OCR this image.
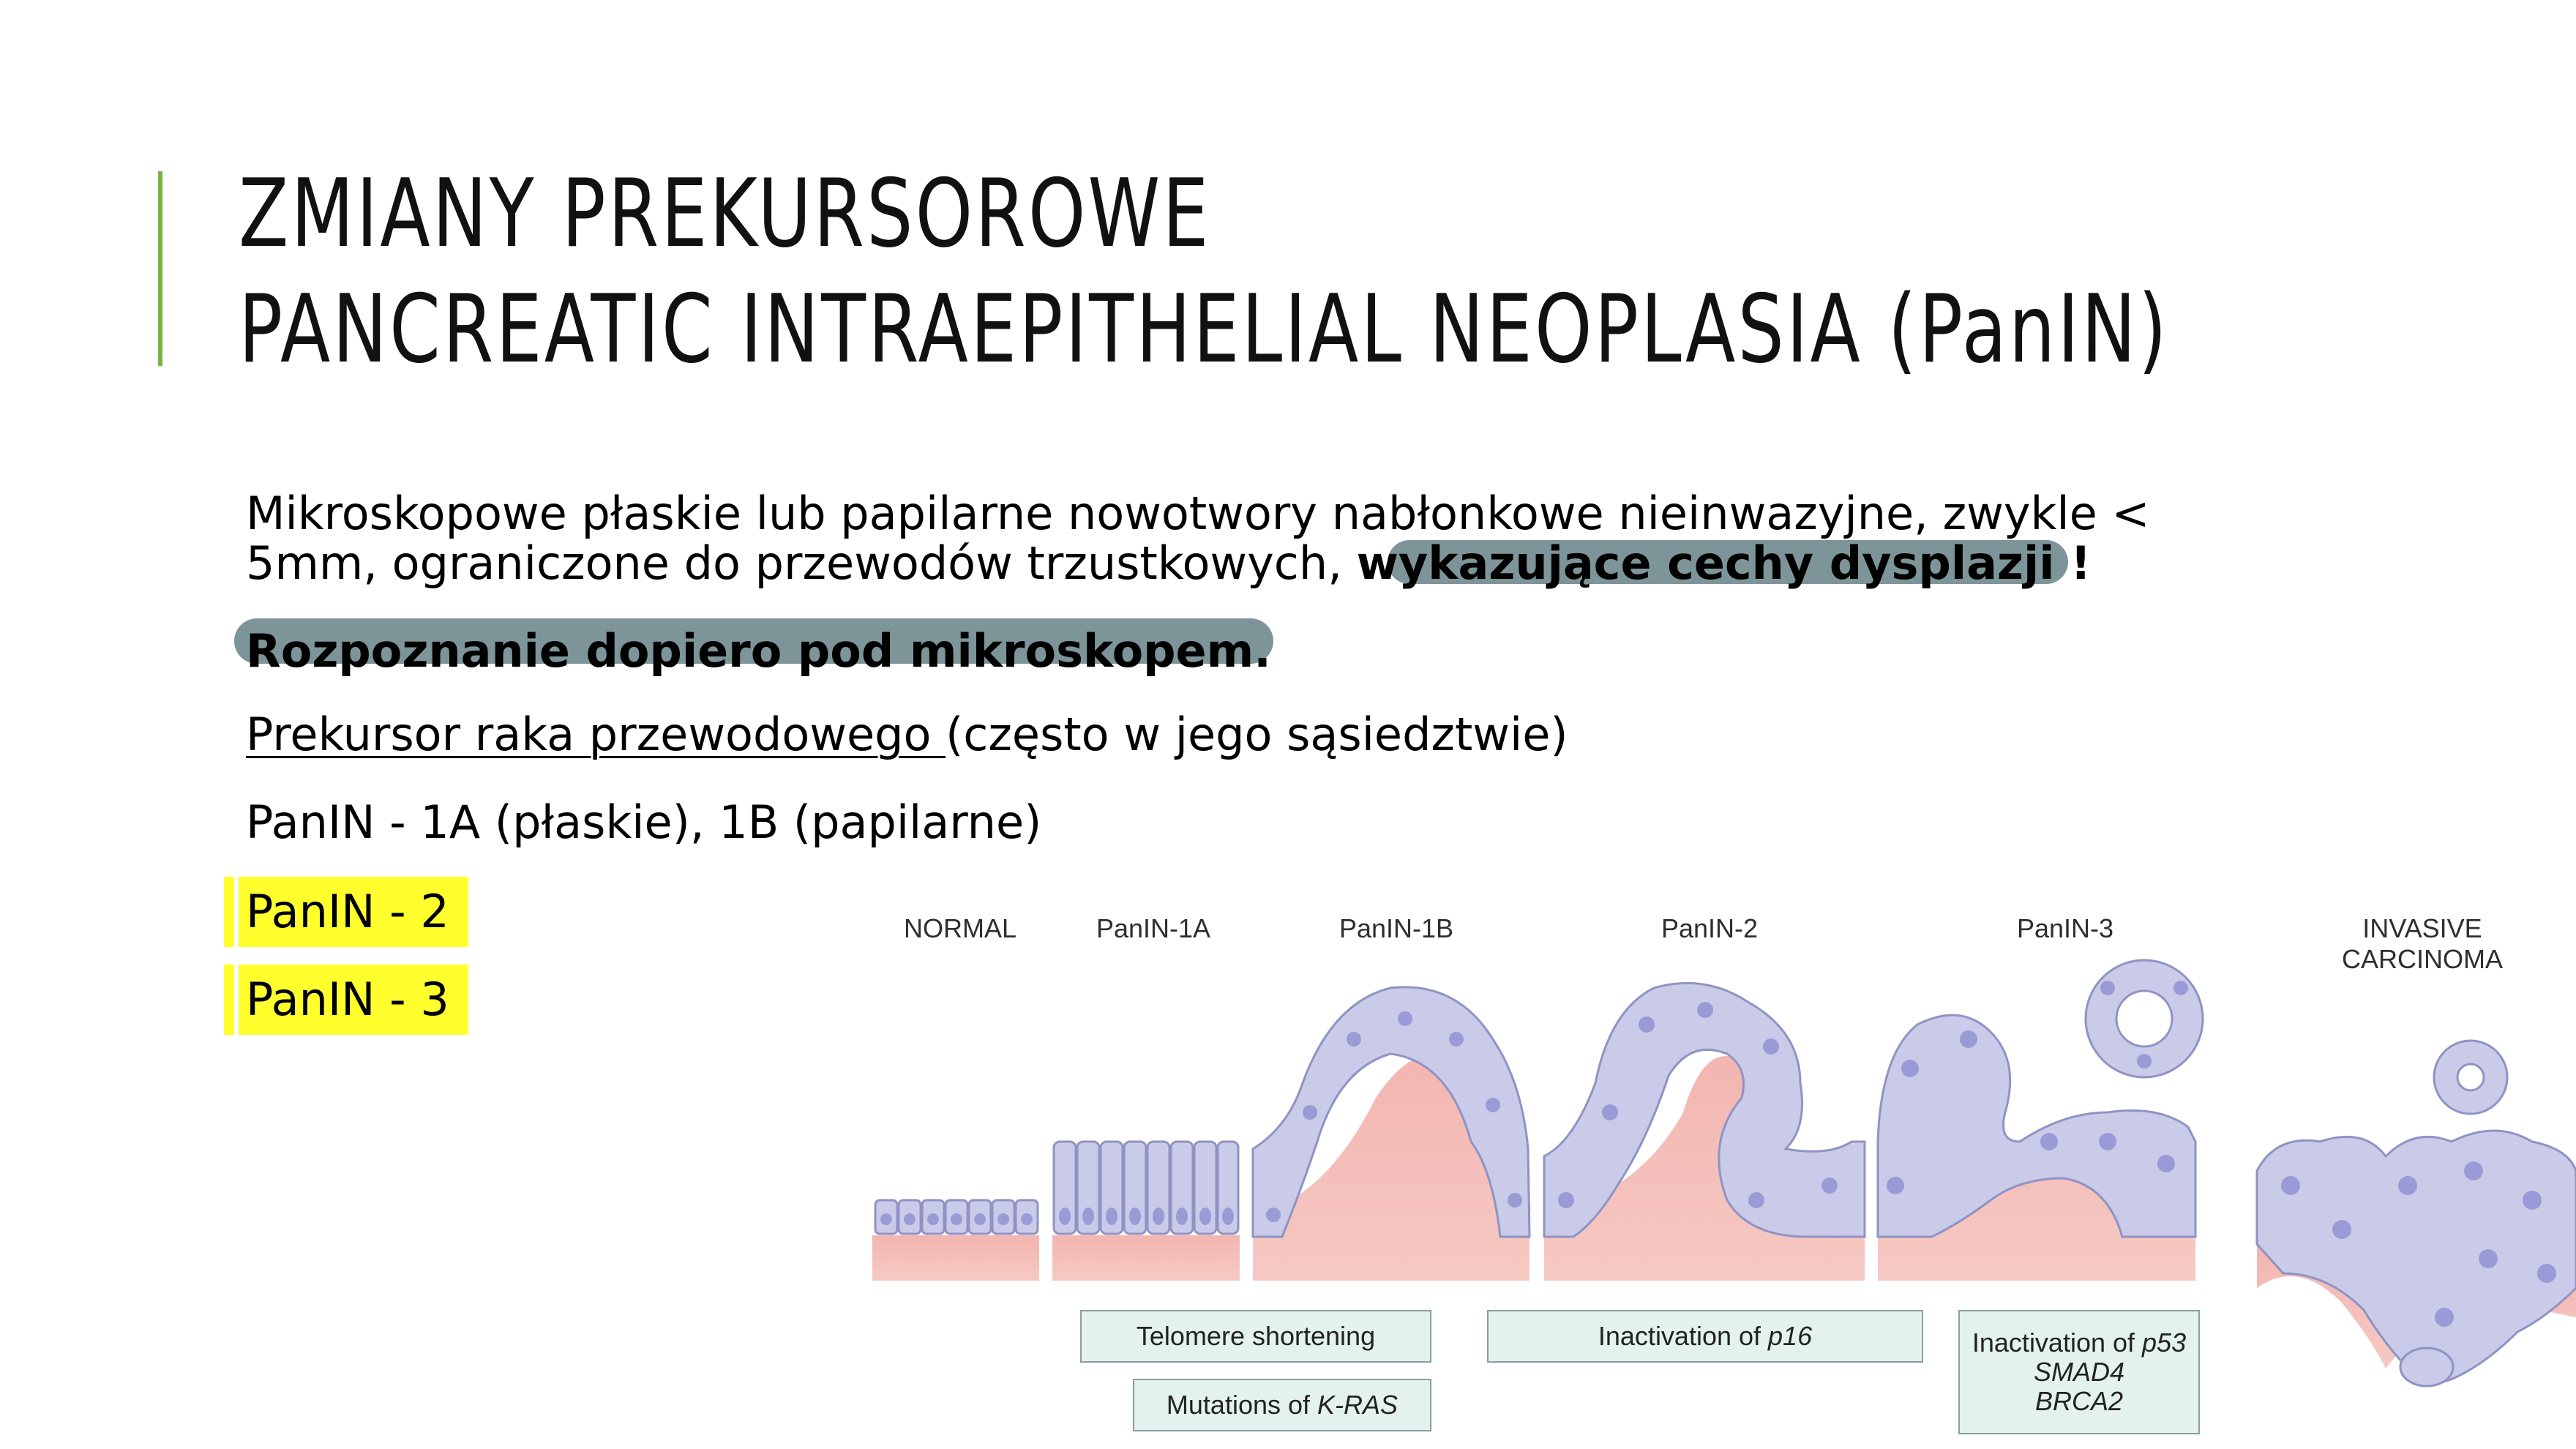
ZMIANY PREKURSOROWE
PANCREATIC INTRAEPITHELIAL NEOPLASIA (PanIN)

Mikroskopowe płaskie lub papilarne nowotwory nabłonkowe nieinwazyjne, zwykle <
5mm, ograniczone do przewodów trzustkowych, wykazujące cechy dysplazji !

Rozpoznanie dopiero pod mikroskopem.

Prekursor raka przewodowego (często w jego sąsiedztwie)

PanIN - 1A (płaskie), 1B (papilarne)

PanIN - 2
PanIN - 3
NORMAL	PanIN-1A	PanIN-1B	PanIN-2	PanIN-3	INVASIVE
CARCINOMA
Telomere shortening
Mutations of K-RAS
Inactivation of p16	Inactivation of p53
SMAD4
BRCA2
